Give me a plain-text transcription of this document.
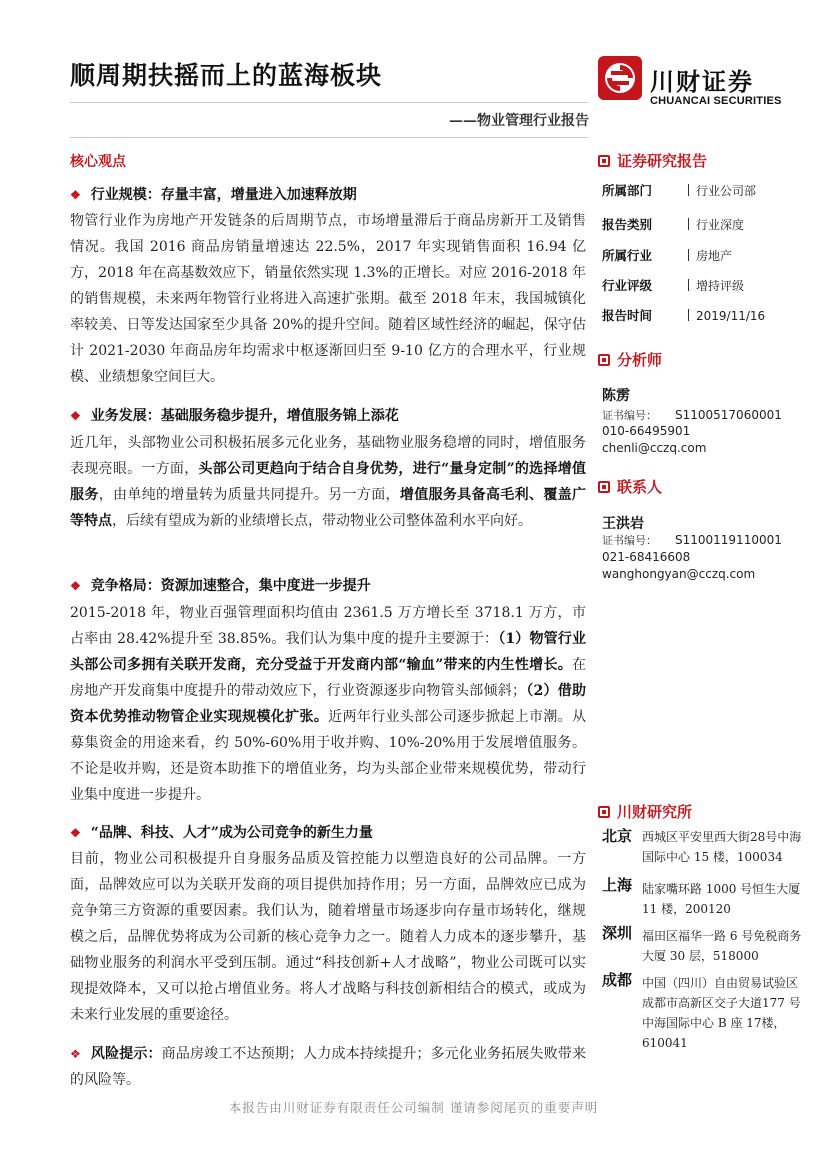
顺周期扶摇而上的蓝海板块
——物业管理行业报告
川财证券
CHUANCAI SECURITIES
核心观点
❖ 行业规模：存量丰富，增量进入加速释放期
物管行业作为房地产开发链条的后周期节点，市场增量滞后于商品房新开工及销售情况。我国 2016 商品房销量增速达 22.5%，2017 年实现销售面积 16.94 亿方，2018 年在高基数效应下，销量依然实现 1.3%的正增长。对应 2016-2018 年的销售规模，未来两年物管行业将进入高速扩张期。截至 2018 年末，我国城镇化率较美、日等发达国家至少具备 20%的提升空间。随着区域性经济的崛起，保守估计 2021-2030 年商品房年均需求中枢逐渐回归至 9-10 亿方的合理水平，行业规模、业绩想象空间巨大。
❖ 业务发展：基础服务稳步提升，增值服务锦上添花
近几年，头部物业公司积极拓展多元化业务，基础物业服务稳增的同时，增值服务表现亮眼。一方面，头部公司更趋向于结合自身优势，进行“量身定制”的选择增值服务，由单纯的增量转为质量共同提升。另一方面，增值服务具备高毛利、覆盖广等特点，后续有望成为新的业绩增长点，带动物业公司整体盈利水平向好。
❖ 竞争格局：资源加速整合，集中度进一步提升
2015-2018 年，物业百强管理面积均值由 2361.5 万方增长至 3718.1 万方，市占率由 28.42%提升至 38.85%。我们认为集中度的提升主要源于：（1）物管行业头部公司多拥有关联开发商，充分受益于开发商内部“输血”带来的内生性增长。在房地产开发商集中度提升的带动效应下，行业资源逐步向物管头部倾斜；（2）借助资本优势推动物管企业实现规模化扩张。近两年行业头部公司逐步掀起上市潮。从募集资金的用途来看，约 50%-60%用于收并购、10%-20%用于发展增值服务。不论是收并购，还是资本助推下的增值业务，均为头部企业带来规模优势，带动行业集中度进一步提升。
❖ “品牌、科技、人才”成为公司竞争的新生力量
目前，物业公司积极提升自身服务品质及管控能力以塑造良好的公司品牌。一方面，品牌效应可以为关联开发商的项目提供加持作用；另一方面，品牌效应已成为竞争第三方资源的重要因素。我们认为，随着增量市场逐步向存量市场转化，继规模之后，品牌优势将成为公司新的核心竞争力之一。随着人力成本的逐步攀升，基础物业服务的利润水平受到压制。通过“科技创新+人才战略”，物业公司既可以实现提效降本，又可以抢占增值业务。将人才战略与科技创新相结合的模式，或成为未来行业发展的重要途径。
❖ 风险提示：商品房竣工不达预期；人力成本持续提升；多元化业务拓展失败带来的风险等。
证券研究报告
所属部门	行业公司部
报告类别	行业深度
所属行业	房地产
行业评级	增持评级
报告时间	2019/11/16
分析师
陈雳
证书编号： S1100517060001
010-66495901
chenli@cczq.com
联系人
王洪岩
证书编号： S1100119110001
021-68416608
wanghongyan@cczq.com
川财研究所
北京 西城区平安里西大街28号中海国际中心 15 楼，100034
上海 陆家嘴环路 1000 号恒生大厦 11 楼，200120
深圳 福田区福华一路 6 号免税商务大厦 30 层，518000
成都 中国（四川）自由贸易试验区成都市高新区交子大道177 号中海国际中心 B 座 17楼，610041
本报告由川财证券有限责任公司编制 谨请参阅尾页的重要声明
